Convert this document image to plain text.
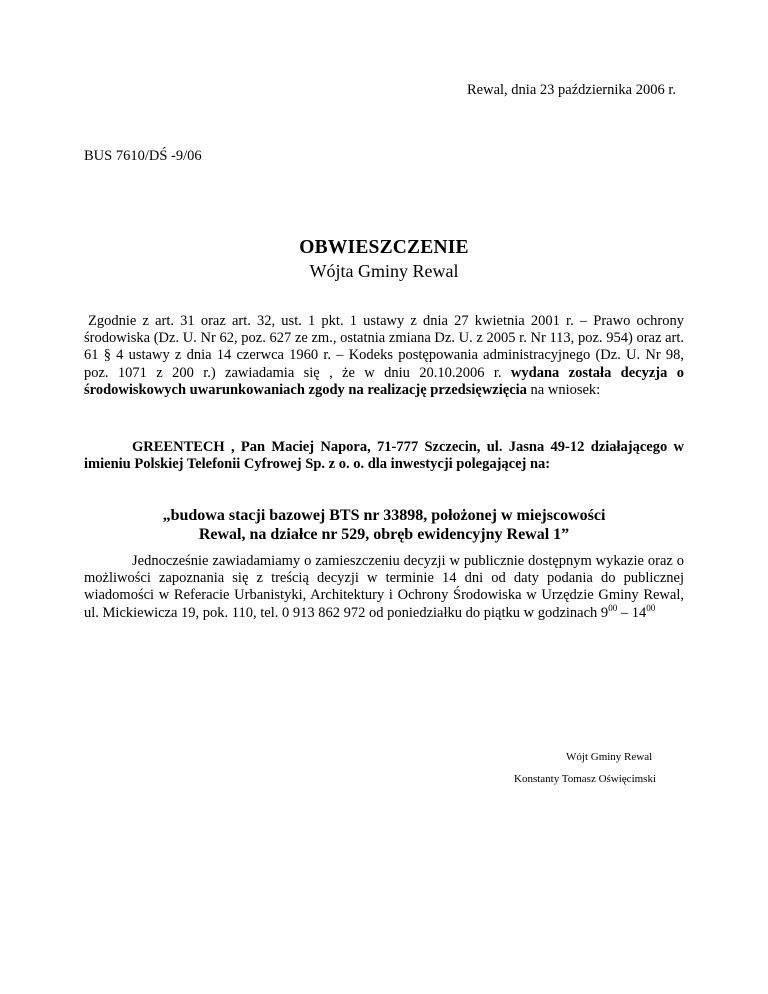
Rewal, dnia 23 października 2006 r.
BUS 7610/DŚ -9/06
OBWIESZCZENIE
Wójta Gminy Rewal
Zgodnie z art. 31 oraz art. 32, ust. 1 pkt. 1 ustawy z dnia 27 kwietnia 2001 r. – Prawo ochrony środowiska (Dz. U. Nr 62, poz. 627 ze zm., ostatnia zmiana Dz. U. z 2005 r. Nr 113, poz. 954) oraz art. 61 § 4 ustawy z dnia 14 czerwca 1960 r. – Kodeks postępowania administracyjnego (Dz. U. Nr 98, poz. 1071 z 200 r.) zawiadamia się , że w dniu 20.10.2006 r. wydana została decyzja o środowiskowych uwarunkowaniach zgody na realizację przedsięwzięcia na wniosek:
GREENTECH , Pan Maciej Napora, 71-777 Szczecin, ul. Jasna 49-12 działającego w imieniu Polskiej Telefonii Cyfrowej Sp. z o. o. dla inwestycji polegającej na:
„budowa stacji bazowej BTS nr 33898, położonej w miejscowości
Rewal, na działce nr 529, obręb ewidencyjny Rewal 1”
Jednocześnie zawiadamiamy o zamieszczeniu decyzji w publicznie dostępnym wykazie oraz o możliwości zapoznania się z treścią decyzji w terminie 14 dni od daty podania do publicznej wiadomości w Referacie Urbanistyki, Architektury i Ochrony Środowiska w Urzędzie Gminy Rewal, ul. Mickiewicza 19, pok. 110, tel. 0 913 862 972 od poniedziałku do piątku w godzinach $9^{00} - 14^{00}$
Wójt Gminy Rewal
Konstanty Tomasz Oświęcimski
